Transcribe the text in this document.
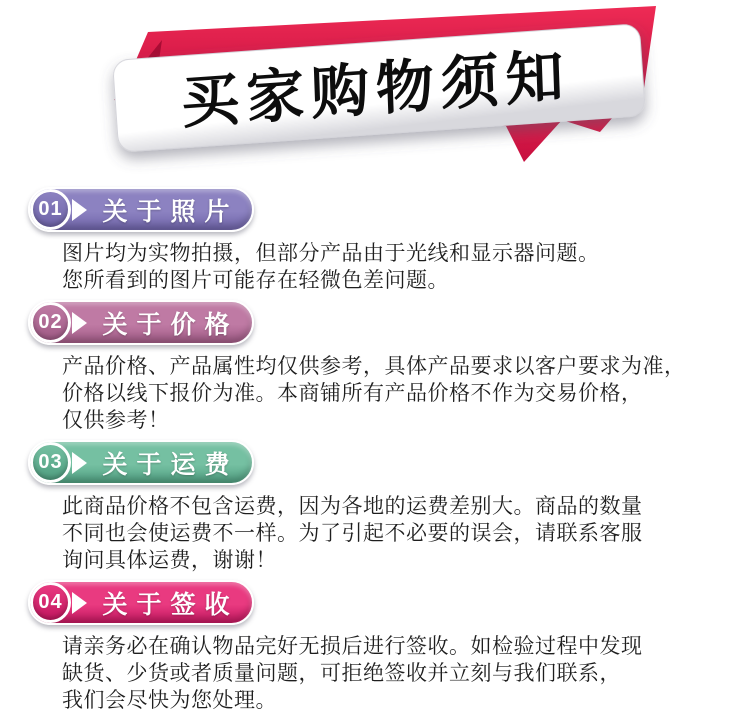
买家购物须知
01	关于照片
图片均为实物拍摄，但部分产品由于光线和显示器问题。
您所看到的图片可能存在轻微色差问题。
02	关于价格
产品价格、产品属性均仅供参考，具体产品要求以客户要求为准，
价格以线下报价为准。本商铺所有产品价格不作为交易价格，
仅供参考！
03	关于运费
此商品价格不包含运费，因为各地的运费差别大。商品的数量
不同也会使运费不一样。为了引起不必要的误会，请联系客服
询问具体运费，谢谢！
04	关于签收
请亲务必在确认物品完好无损后进行签收。如检验过程中发现
缺货、少货或者质量问题，可拒绝签收并立刻与我们联系，
我们会尽快为您处理。
